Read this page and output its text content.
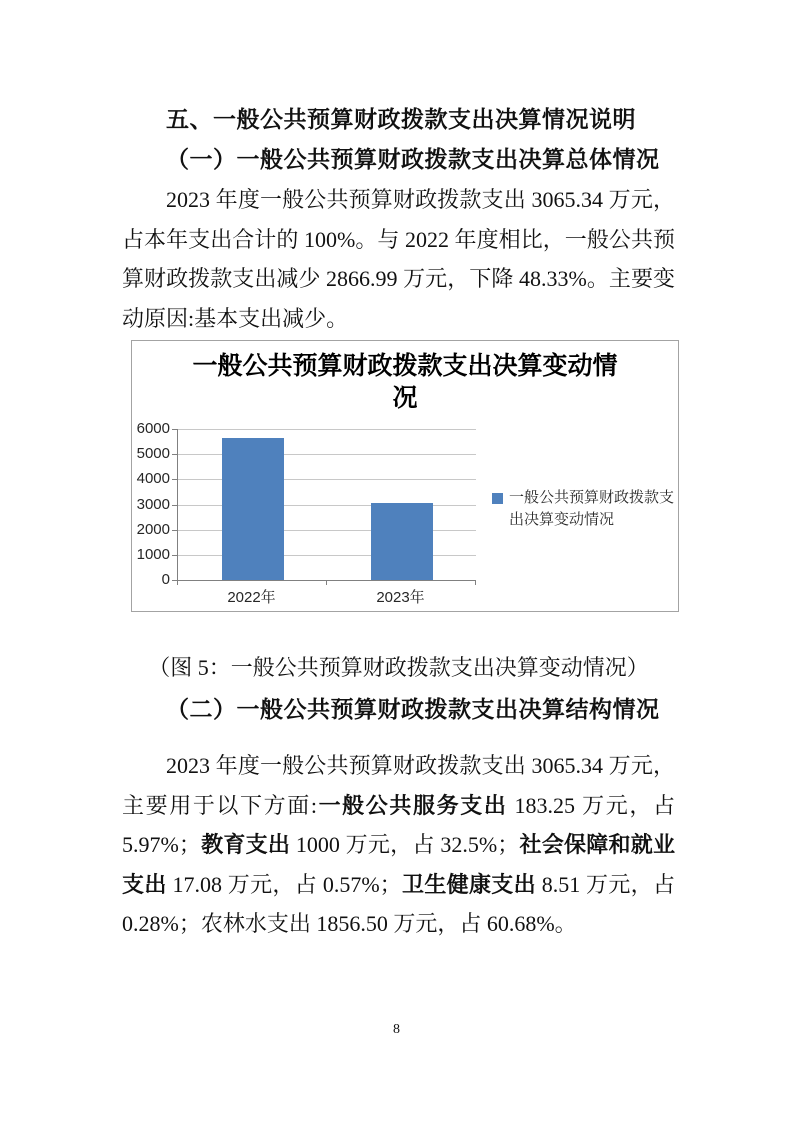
五、一般公共预算财政拨款支出决算情况说明
（一）一般公共预算财政拨款支出决算总体情况

2023 年度一般公共预算财政拨款支出 3065.34 万元，占本年支出合计的 100%。与 2022 年度相比，一般公共预算财政拨款支出减少 2866.99 万元，下降 48.33%。主要变动原因:基本支出减少。

一般公共预算财政拨款支出决算变动情况
0
1000
2000
3000
4000
5000
6000
2022年	2023年
一般公共预算财政拨款支出决算变动情况

（图 5：一般公共预算财政拨款支出决算变动情况）

（二）一般公共预算财政拨款支出决算结构情况

2023 年度一般公共预算财政拨款支出 3065.34 万元，主要用于以下方面:一般公共服务支出 183.25 万元，占 5.97%；教育支出 1000 万元，占 32.5%；社会保障和就业支出 17.08 万元，占 0.57%；卫生健康支出 8.51 万元，占 0.28%；农林水支出 1856.50 万元，占 60.68%。

8
